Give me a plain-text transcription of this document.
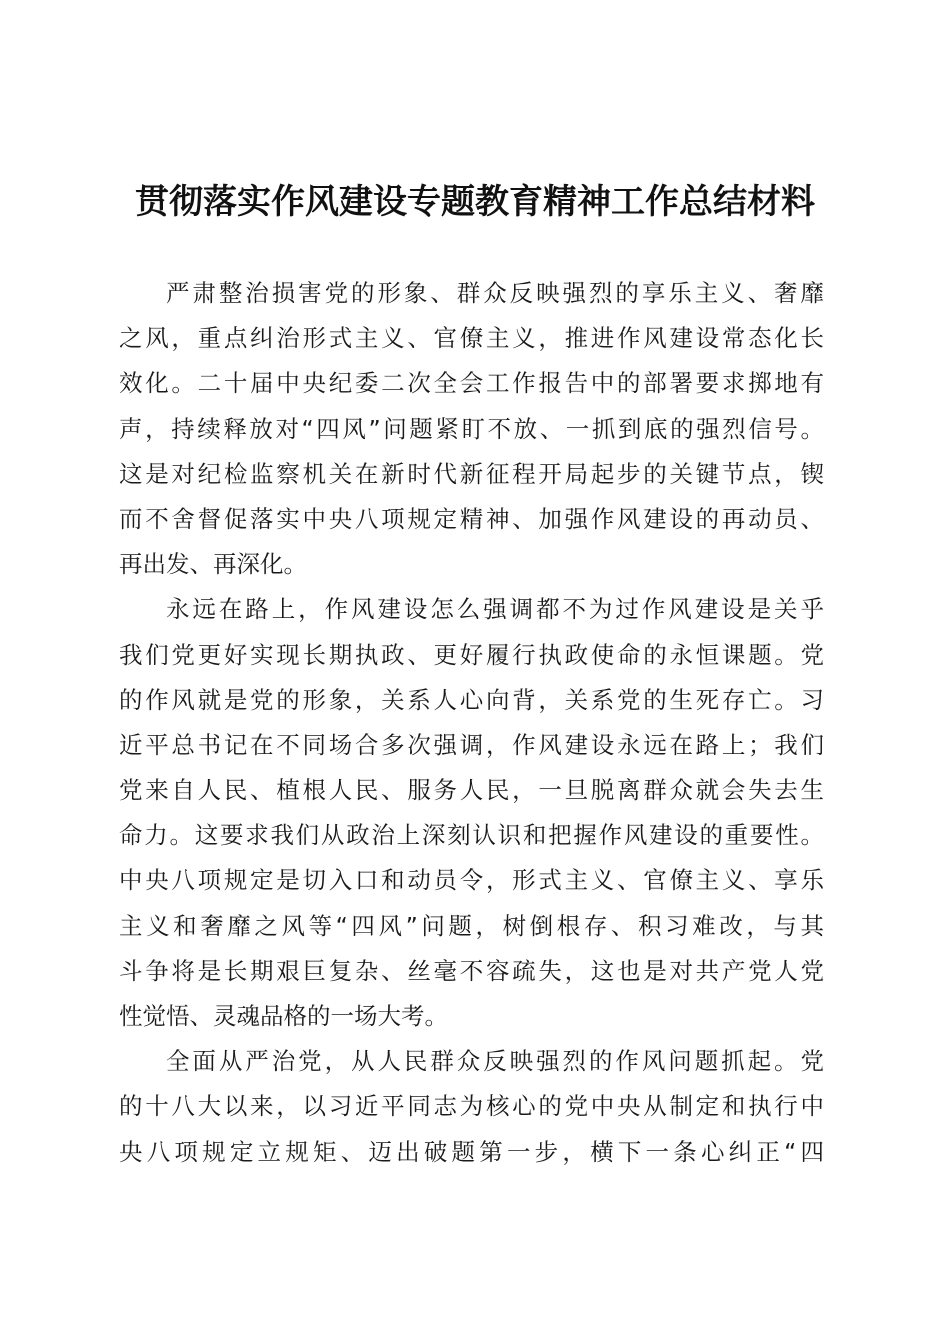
贯彻落实作风建设专题教育精神工作总结材料
严肃整治损害党的形象、群众反映强烈的享乐主义、奢靡
之风，重点纠治形式主义、官僚主义，推进作风建设常态化长
效化。二十届中央纪委二次全会工作报告中的部署要求掷地有
声，持续释放对“四风”问题紧盯不放、一抓到底的强烈信号。
这是对纪检监察机关在新时代新征程开局起步的关键节点，锲
而不舍督促落实中央八项规定精神、加强作风建设的再动员、
再出发、再深化。
永远在路上，作风建设怎么强调都不为过作风建设是关乎
我们党更好实现长期执政、更好履行执政使命的永恒课题。党
的作风就是党的形象，关系人心向背，关系党的生死存亡。习
近平总书记在不同场合多次强调，作风建设永远在路上；我们
党来自人民、植根人民、服务人民，一旦脱离群众就会失去生
命力。这要求我们从政治上深刻认识和把握作风建设的重要性。
中央八项规定是切入口和动员令，形式主义、官僚主义、享乐
主义和奢靡之风等“四风”问题，树倒根存、积习难改，与其
斗争将是长期艰巨复杂、丝毫不容疏失，这也是对共产党人党
性觉悟、灵魂品格的一场大考。
全面从严治党，从人民群众反映强烈的作风问题抓起。党
的十八大以来，以习近平同志为核心的党中央从制定和执行中
央八项规定立规矩、迈出破题第一步，横下一条心纠正“四
